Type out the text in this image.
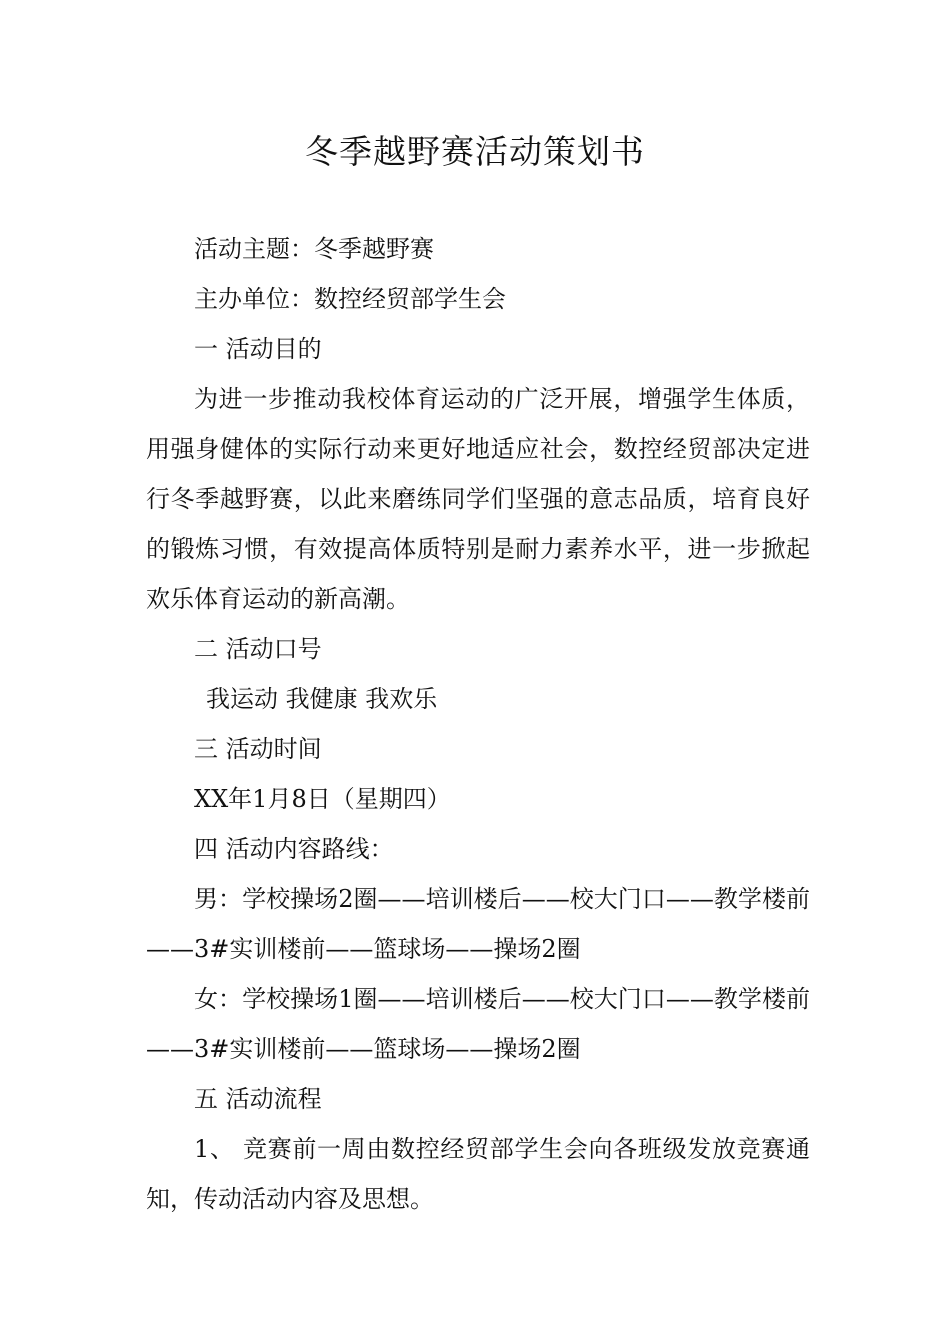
冬季越野赛活动策划书

活动主题：冬季越野赛

主办单位：数控经贸部学生会

一 活动目的

为进一步推动我校体育运动的广泛开展，增强学生体质，用强身健体的实际行动来更好地适应社会，数控经贸部决定进行冬季越野赛，以此来磨练同学们坚强的意志品质，培育良好的锻炼习惯，有效提高体质特别是耐力素养水平，进一步掀起欢乐体育运动的新高潮。

二 活动口号

我运动 我健康 我欢乐

三 活动时间

XX年1月8日（星期四）

四 活动内容路线：

男：学校操场2圈——培训楼后——校大门口——教学楼前——3#实训楼前——篮球场——操场2圈

女：学校操场1圈——培训楼后——校大门口——教学楼前——3#实训楼前——篮球场——操场2圈

五 活动流程

1、 竞赛前一周由数控经贸部学生会向各班级发放竞赛通知，传动活动内容及思想。
